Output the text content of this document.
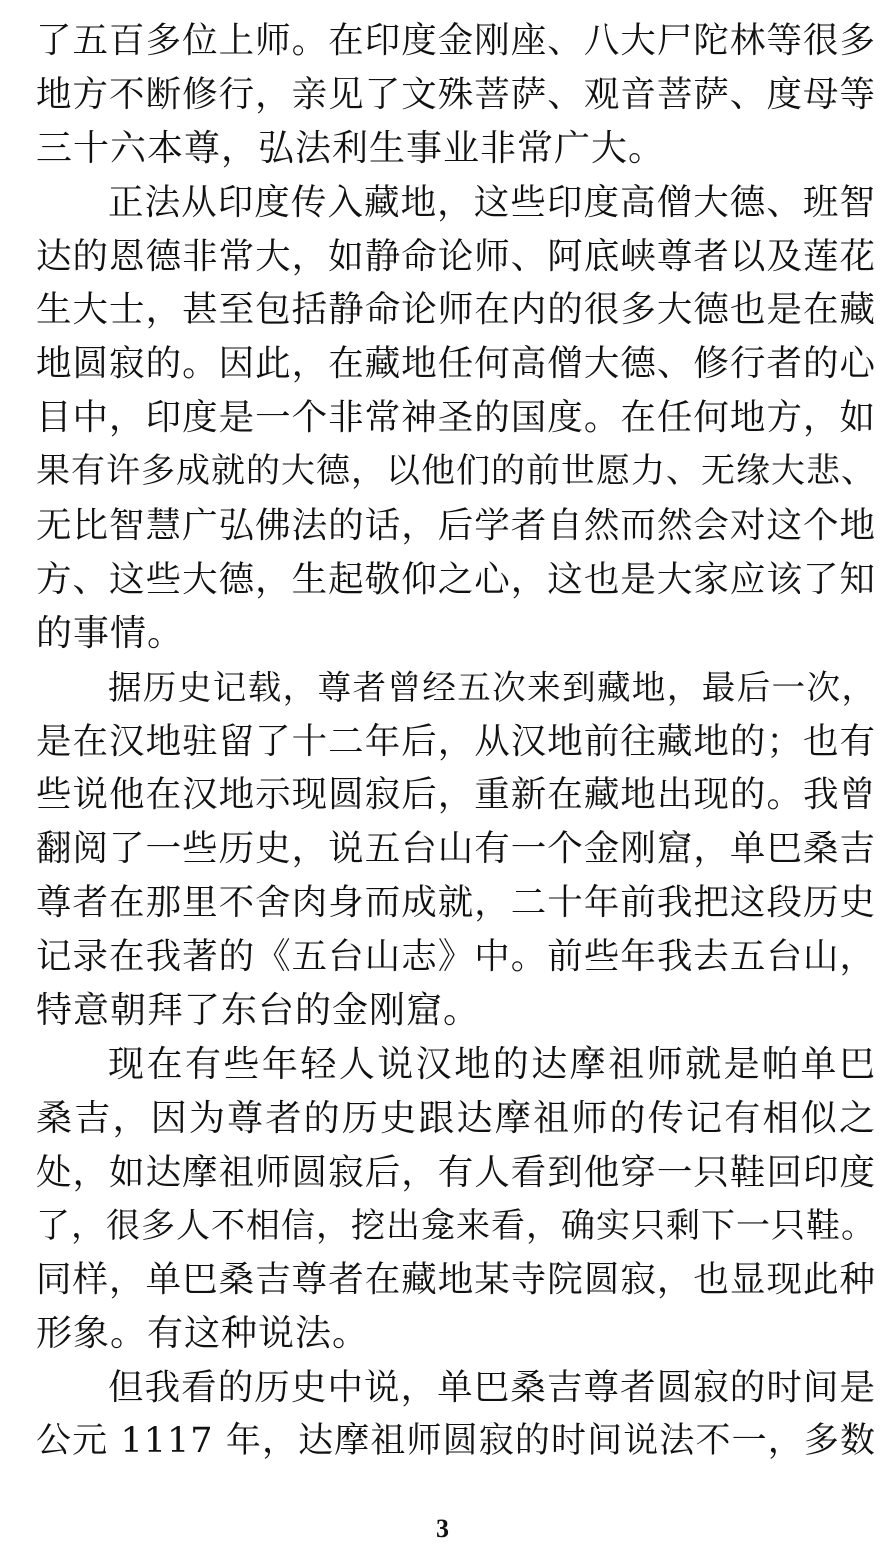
了五百多位上师。在印度金刚座、八大尸陀林等很多
地方不断修行，亲见了文殊菩萨、观音菩萨、度母等
三十六本尊，弘法利生事业非常广大。
正法从印度传入藏地，这些印度高僧大德、班智
达的恩德非常大，如静命论师、阿底峡尊者以及莲花
生大士，甚至包括静命论师在内的很多大德也是在藏
地圆寂的。因此，在藏地任何高僧大德、修行者的心
目中，印度是一个非常神圣的国度。在任何地方，如
果有许多成就的大德，以他们的前世愿力、无缘大悲、
无比智慧广弘佛法的话，后学者自然而然会对这个地
方、这些大德，生起敬仰之心，这也是大家应该了知
的事情。
据历史记载，尊者曾经五次来到藏地，最后一次，
是在汉地驻留了十二年后，从汉地前往藏地的；也有
些说他在汉地示现圆寂后，重新在藏地出现的。我曾
翻阅了一些历史，说五台山有一个金刚窟，单巴桑吉
尊者在那里不舍肉身而成就，二十年前我把这段历史
记录在我著的《五台山志》中。前些年我去五台山，
特意朝拜了东台的金刚窟。
现在有些年轻人说汉地的达摩祖师就是帕单巴
桑吉，因为尊者的历史跟达摩祖师的传记有相似之
处，如达摩祖师圆寂后，有人看到他穿一只鞋回印度
了，很多人不相信，挖出龛来看，确实只剩下一只鞋。
同样，单巴桑吉尊者在藏地某寺院圆寂，也显现此种
形象。有这种说法。
但我看的历史中说，单巴桑吉尊者圆寂的时间是
公元 1117 年，达摩祖师圆寂的时间说法不一，多数
3
